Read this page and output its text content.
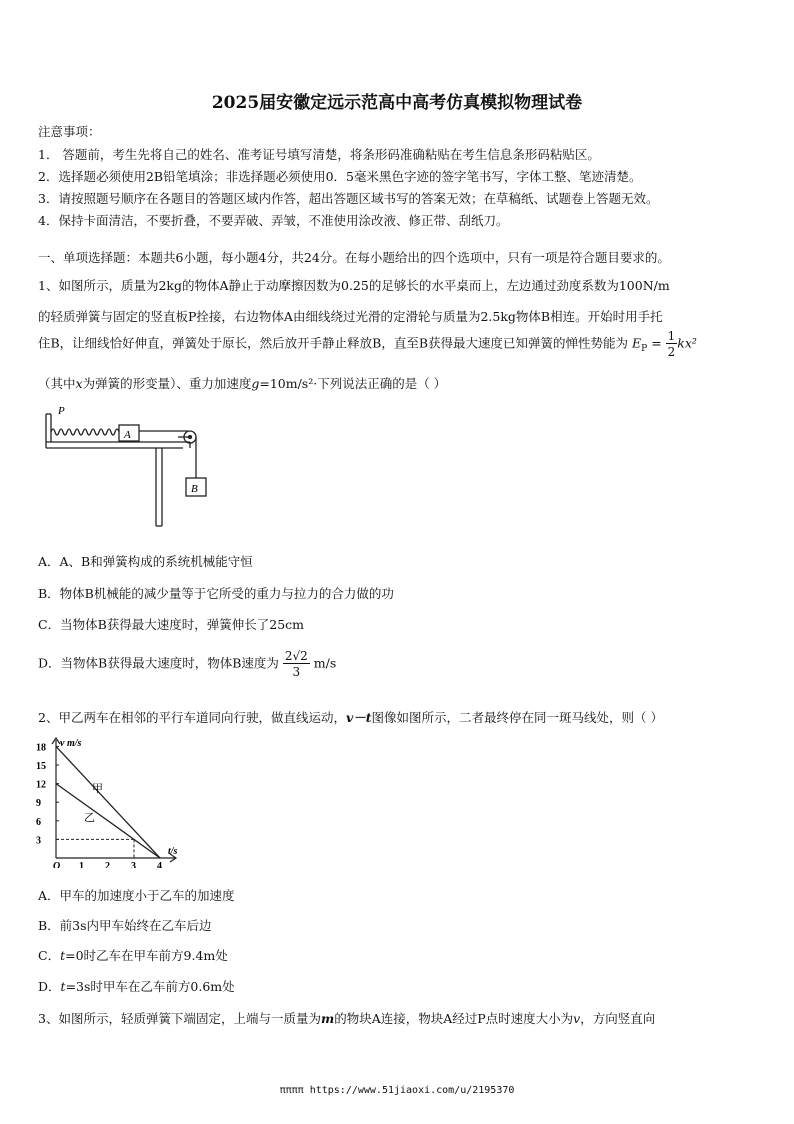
2025届安徽定远示范高中高考仿真模拟物理试卷
注意事项：
1． 答题前，考生先将自己的姓名、准考证号填写清楚，将条形码准确粘贴在考生信息条形码粘贴区。
2．选择题必须使用2B铅笔填涂；非选择题必须使用0．5毫米黑色字迹的签字笔书写，字体工整、笔迹清楚。
3．请按照题号顺序在各题目的答题区域内作答，超出答题区域书写的答案无效；在草稿纸、试题卷上答题无效。
4．保持卡面清洁，不要折叠，不要弄破、弄皱，不准使用涂改液、修正带、刮纸刀。
一、单项选择题：本题共6小题，每小题4分，共24分。在每小题给出的四个选项中，只有一项是符合题目要求的。
1、如图所示，质量为2kg的物体A静止于动摩擦因数为0.25的足够长的水平桌而上，左边通过劲度系数为100N/m
的轻质弹簧与固定的竖直板P拴接，右边物体A由细线绕过光滑的定滑轮与质量为2.5kg物体B相连。开始时用手托
住B，让细线恰好伸直，弹簧处于原长，然后放开手静止释放B，直至B获得最大速度已知弹簧的惮性势能为 $E_P = \frac{1}{2} kx^2$
（其中x为弹簧的形变量）、重力加速度g=10m/s²·下列说法正确的是（ ）
P
A
B
A．A、B和弹簧构成的系统机械能守恒
B．物体B机械能的减少量等于它所受的重力与拉力的合力做的功
C．当物体B获得最大速度时，弹簧伸长了25cm
D．当物体B获得最大速度时，物体B速度为 $\frac{2√2}{3} m/s$
2、甲乙两车在相邻的平行车道同向行驶，做直线运动，v－t图像如图所示，二者最终停在同一斑马线处，则（ ）
O 1 2 3 4
18
15
12
9
6
3
甲
乙
v m/s
t/s
A．甲车的加速度小于乙车的加速度
B．前3s内甲车始终在乙车后边
C．t=0时乙车在甲车前方9.4m处
D．t=3s时甲车在乙车前方0.6m处
3、如图所示，轻质弹簧下端固定，上端与一质量为m的物块A连接，物块A经过P点时速度大小为v，方向竖直向
ππππ https://www.51jiaoxi.com/u/2195370
